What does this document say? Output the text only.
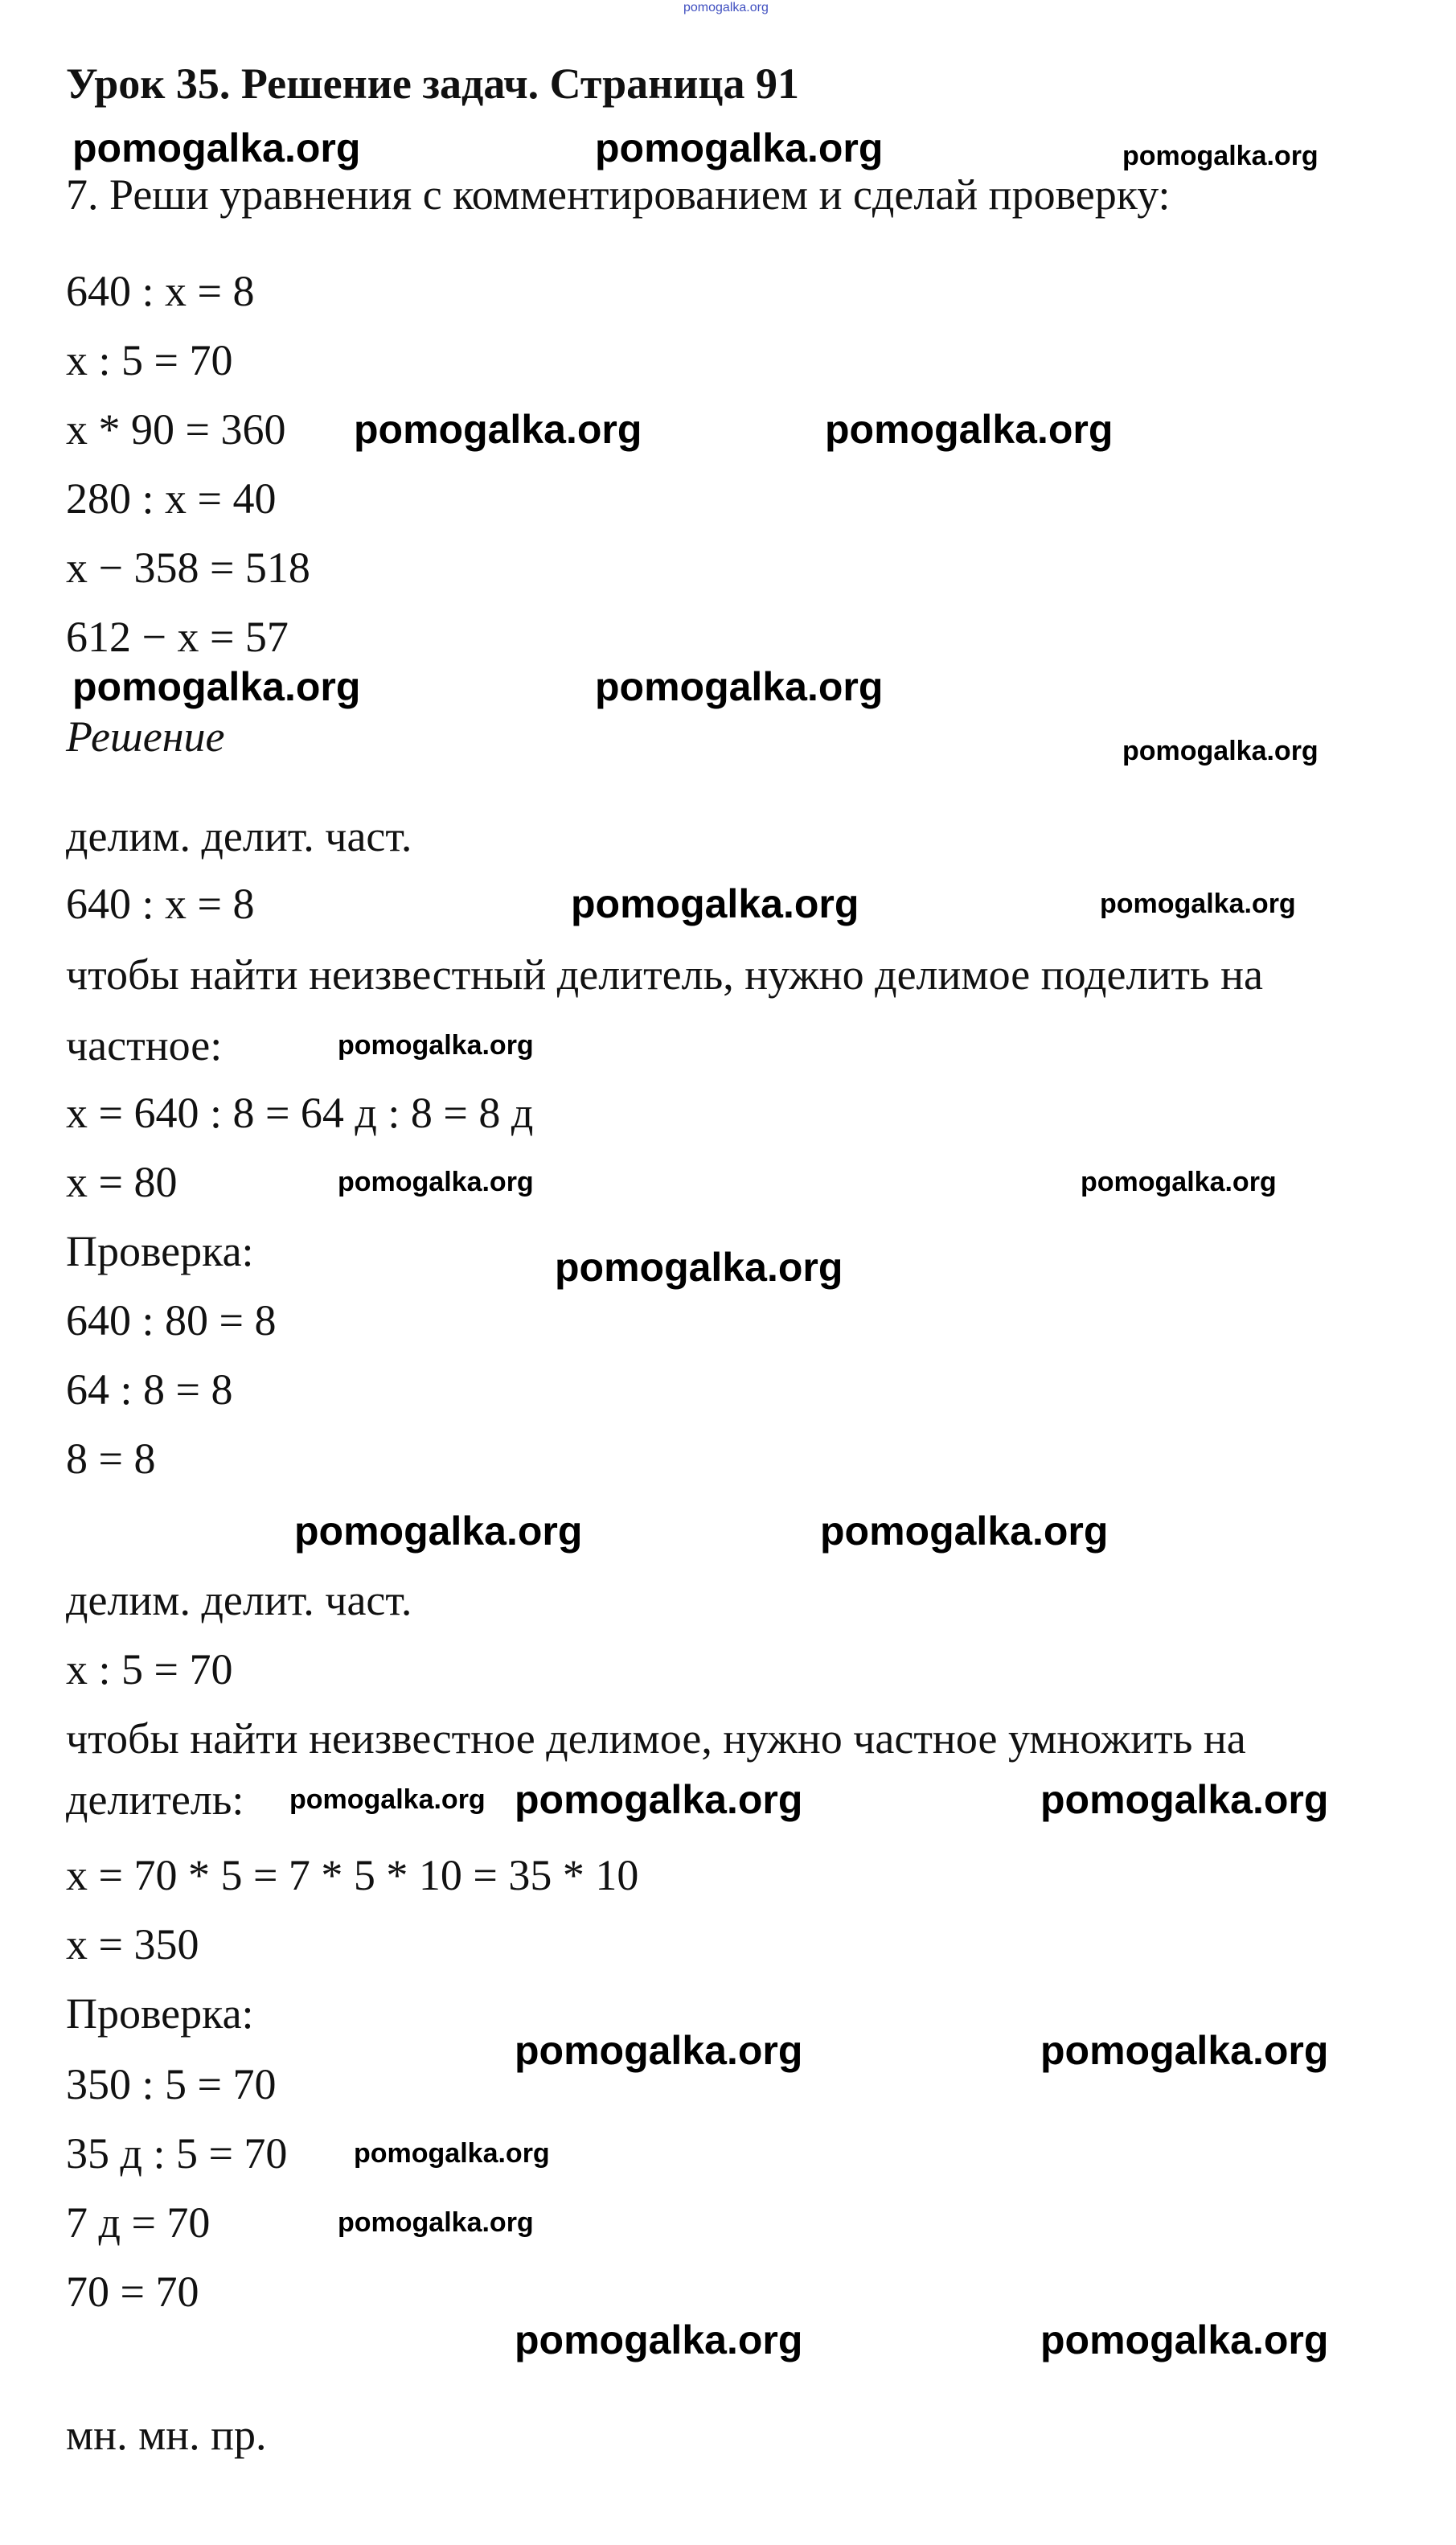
pomogalka.org
Урок 35. Решение задач. Страница 91
7. Реши уравнения с комментированием и сделай проверку:
640 : x = 8
x : 5 = 70
x * 90 = 360
280 : x = 40
x − 358 = 518
612 − x = 57
Решение
делим. делит. част.
640 : x = 8
чтобы найти неизвестный делитель, нужно делимое поделить на
частное:
x = 640 : 8 = 64 д : 8 = 8 д
x = 80
Проверка:
640 : 80 = 8
64 : 8 = 8
8 = 8
делим. делит. част.
x : 5 = 70
чтобы найти неизвестное делимое, нужно частное умножить на
делитель:
x = 70 * 5 = 7 * 5 * 10 = 35 * 10
x = 350
Проверка:
350 : 5 = 70
35 д : 5 = 70
7 д = 70
70 = 70
мн. мн. пр.
pomogalka.org	pomogalka.org	pomogalka.org
pomogalka.org	pomogalka.org
pomogalka.org	pomogalka.org
pomogalka.org
pomogalka.org	pomogalka.org
pomogalka.org
pomogalka.org
pomogalka.org
pomogalka.org
pomogalka.org	pomogalka.org
pomogalka.org	pomogalka.org
pomogalka.org
pomogalka.org	pomogalka.org
pomogalka.org
pomogalka.org
pomogalka.org	pomogalka.org
